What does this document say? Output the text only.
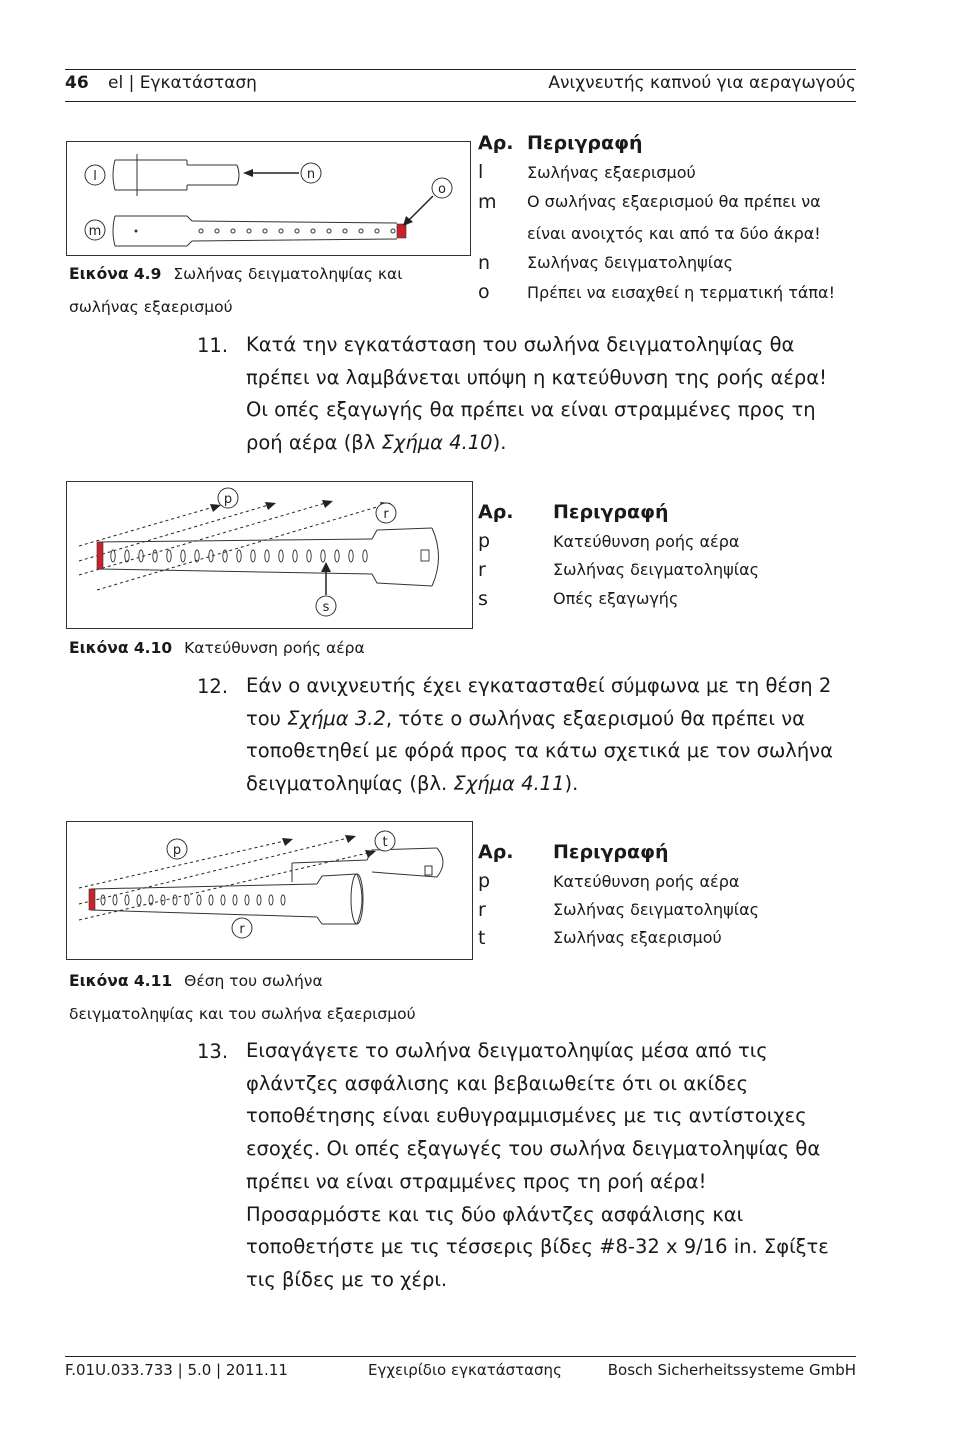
46 el | Εγκατάσταση	Ανιχνευτής καπνού για αεραγωγούς
l
m
n
o
Εικόνα 4.9 Σωλήνας δειγματοληψίας και
σωλήνας εξαερισμού
Αρ. Περιγραφή
l	Σωλήνας εξαερισμού
m Ο σωλήνας εξαερισμού θα πρέπει να
είναι ανοιχτός και από τα δύο άκρα!
n Σωλήνας δειγματοληψίας
o Πρέπει να εισαχθεί η τερματική τάπα!
11. Κατά την εγκατάσταση του σωλήνα δειγματοληψίας θα
πρέπει να λαμβάνεται υπόψη η κατεύθυνση της ροής αέρα!
Οι οπές εξαγωγής θα πρέπει να είναι στραμμένες προς τη
ροή αέρα (βλ Σχήμα 4.10).
p
r
s
Εικόνα 4.10 Κατεύθυνση ροής αέρα
Αρ. Περιγραφή
p	Κατεύθυνση ροής αέρα
r	Σωλήνας δειγματοληψίας
s	Οπές εξαγωγής
12. Εάν ο ανιχνευτής έχει εγκατασταθεί σύμφωνα με τη θέση 2
του Σχήμα 3.2, τότε ο σωλήνας εξαερισμού θα πρέπει να
τοποθετηθεί με φόρά προς τα κάτω σχετικά με τον σωλήνα
δειγματοληψίας (βλ. Σχήμα 4.11).
p
t
r
Εικόνα 4.11 Θέση του σωλήνα
δειγματοληψίας και του σωλήνα εξαερισμού
Αρ. Περιγραφή
p	Κατεύθυνση ροής αέρα
r	Σωλήνας δειγματοληψίας
t	Σωλήνας εξαερισμού
13. Εισαγάγετε το σωλήνα δειγματοληψίας μέσα από τις
φλάντζες ασφάλισης και βεβαιωθείτε ότι οι ακίδες
τοποθέτησης είναι ευθυγραμμισμένες με τις αντίστοιχες
εσοχές. Οι οπές εξαγωγές του σωλήνα δειγματοληψίας θα
πρέπει να είναι στραμμένες προς τη ροή αέρα!
Προσαρμόστε και τις δύο φλάντζες ασφάλισης και
τοποθετήστε με τις τέσσερις βίδες #8-32 x 9/16 in. Σφίξτε
τις βίδες με το χέρι.
F.01U.033.733 | 5.0 | 2011.11	Εγχειρίδιο εγκατάστασης	Bosch Sicherheitssysteme GmbH
